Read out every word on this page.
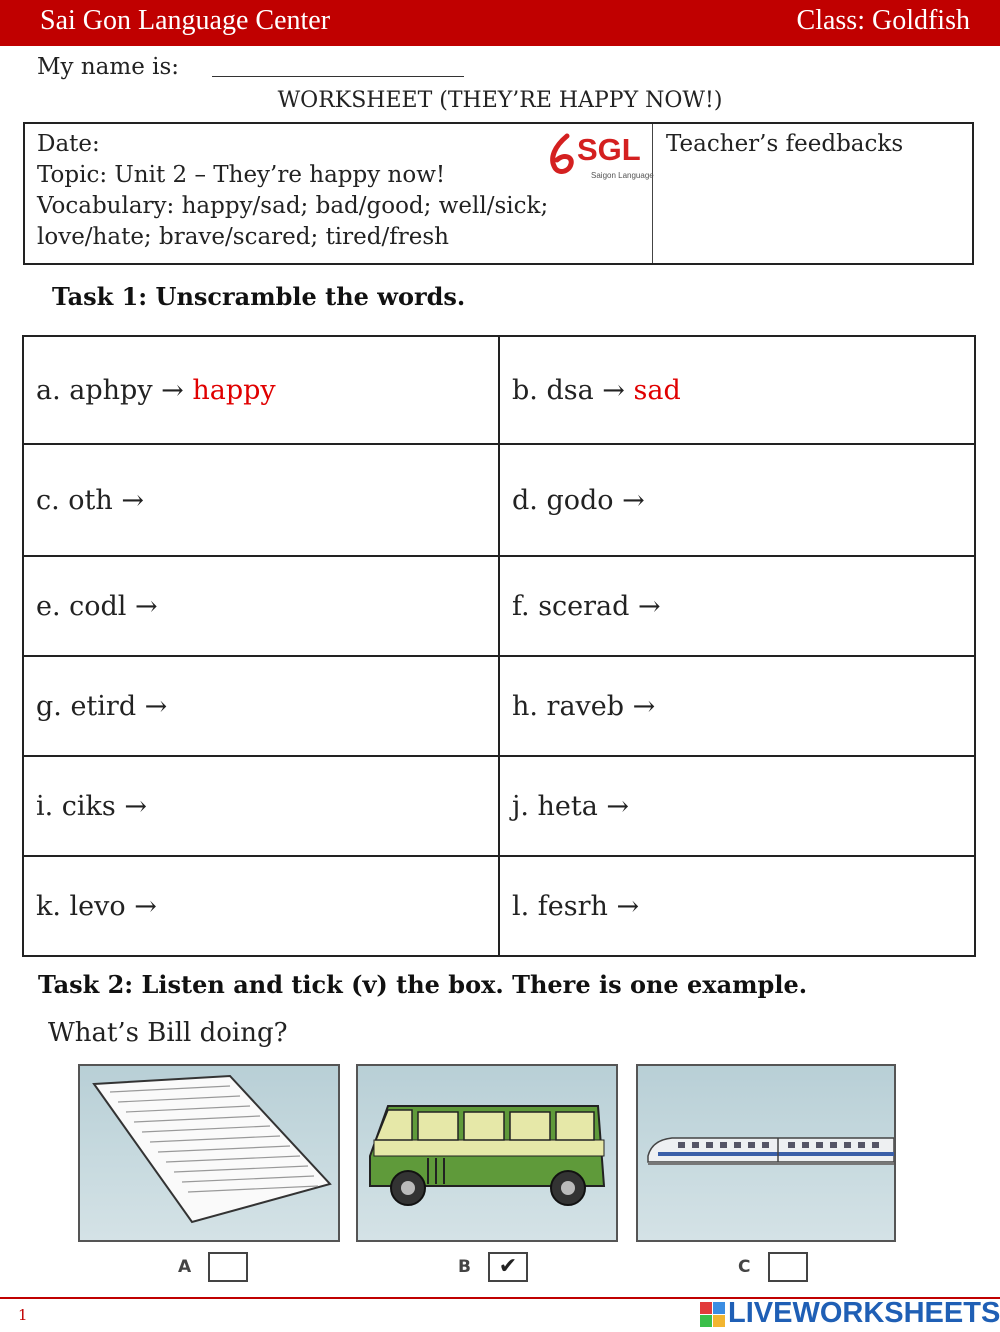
Sai Gon Language Center	Class: Goldfish
My name is:
WORKSHEET (THEY’RE HAPPY NOW!)
Date:
Topic: Unit 2 – They’re happy now!
Vocabulary: happy/sad; bad/good; well/sick;
love/hate; brave/scared; tired/fresh
SGL
Saigon Language
Teacher’s feedbacks
Task 1: Unscramble the words.
a. aphpy → happy	b. dsa → sad
c. oth →	d. godo →
e. codl →	f. scerad →
g. etird →	h. raveb →
i. ciks →	j. heta →
k. levo →	l. fesrh →
Task 2: Listen and tick (v) the box. There is one example.
What’s Bill doing?
A	B	✔	C
1	LIVEWORKSHEETS
